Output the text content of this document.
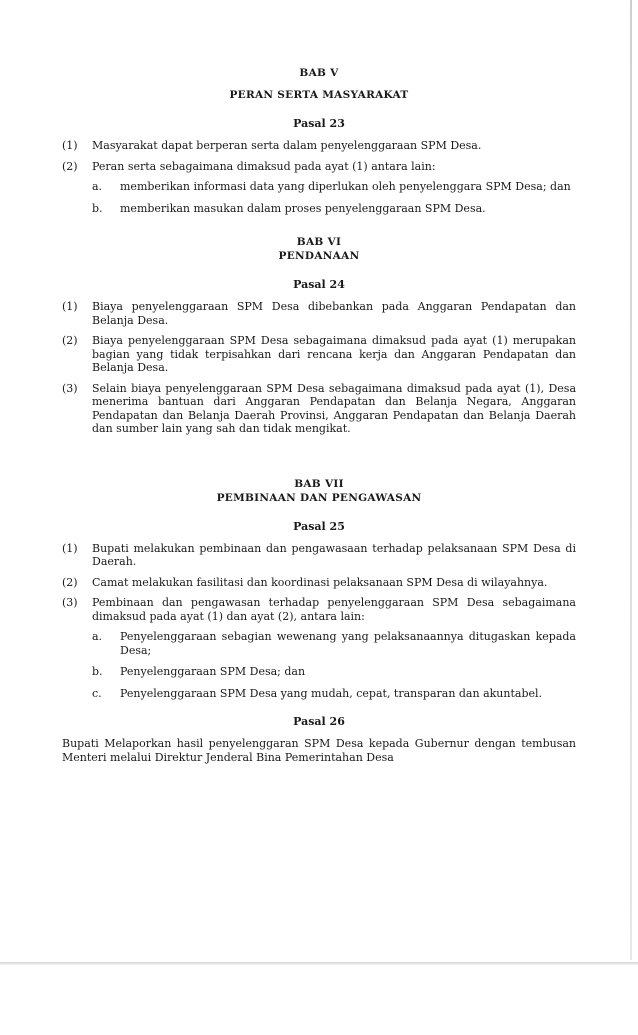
BAB V
PERAN SERTA MASYARAKAT
Pasal 23
(1)	Masyarakat dapat berperan serta dalam penyelenggaraan SPM Desa.
(2)	Peran serta sebagaimana dimaksud pada ayat (1) antara lain:
a.	memberikan informasi data yang diperlukan oleh penyelenggara SPM Desa; dan
b.	memberikan masukan dalam proses penyelenggaraan SPM Desa.
BAB VI
PENDANAAN
Pasal 24
(1)	Biaya penyelenggaraan SPM Desa dibebankan pada Anggaran Pendapatan dan Belanja Desa.
(2)	Biaya penyelenggaraan SPM Desa sebagaimana dimaksud pada ayat (1) merupakan bagian yang tidak terpisahkan dari rencana kerja dan Anggaran Pendapatan dan Belanja Desa.
(3)	Selain biaya penyelenggaraan SPM Desa sebagaimana dimaksud pada ayat (1), Desa menerima bantuan dari Anggaran Pendapatan dan Belanja Negara, Anggaran Pendapatan dan Belanja Daerah Provinsi, Anggaran Pendapatan dan Belanja Daerah dan sumber lain yang sah dan tidak mengikat.
BAB VII
PEMBINAAN DAN PENGAWASAN
Pasal 25
(1)	Bupati melakukan pembinaan dan pengawasaan terhadap pelaksanaan SPM Desa di Daerah.
(2)	Camat melakukan fasilitasi dan koordinasi pelaksanaan SPM Desa di wilayahnya.
(3)	Pembinaan dan pengawasan terhadap penyelenggaraan SPM Desa sebagaimana dimaksud pada ayat (1) dan ayat (2), antara lain:
a.	Penyelenggaraan sebagian wewenang yang pelaksanaannya ditugaskan kepada Desa;
b.	Penyelenggaraan SPM Desa; dan
c.	Penyelenggaraan SPM Desa yang mudah, cepat, transparan dan akuntabel.
Pasal 26
Bupati Melaporkan hasil penyelenggaran SPM Desa kepada Gubernur dengan tembusan Menteri melalui Direktur Jenderal Bina Pemerintahan Desa
